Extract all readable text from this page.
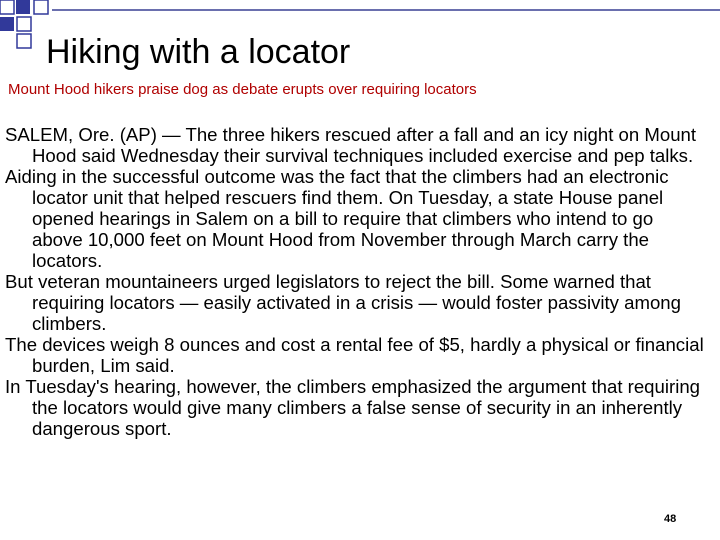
Hiking with a locator

Mount Hood hikers praise dog as debate erupts over requiring locators

SALEM, Ore. (AP) — The three hikers rescued after a fall and an icy night on Mount Hood said Wednesday their survival techniques included exercise and pep talks.

Aiding in the successful outcome was the fact that the climbers had an electronic locator unit that helped rescuers find them. On Tuesday, a state House panel opened hearings in Salem on a bill to require that climbers who intend to go above 10,000 feet on Mount Hood from November through March carry the locators.

But veteran mountaineers urged legislators to reject the bill. Some warned that requiring locators — easily activated in a crisis — would foster passivity among climbers.

The devices weigh 8 ounces and cost a rental fee of $5, hardly a physical or financial burden, Lim said.

In Tuesday's hearing, however, the climbers emphasized the argument that requiring the locators would give many climbers a false sense of security in an inherently dangerous sport.

48
